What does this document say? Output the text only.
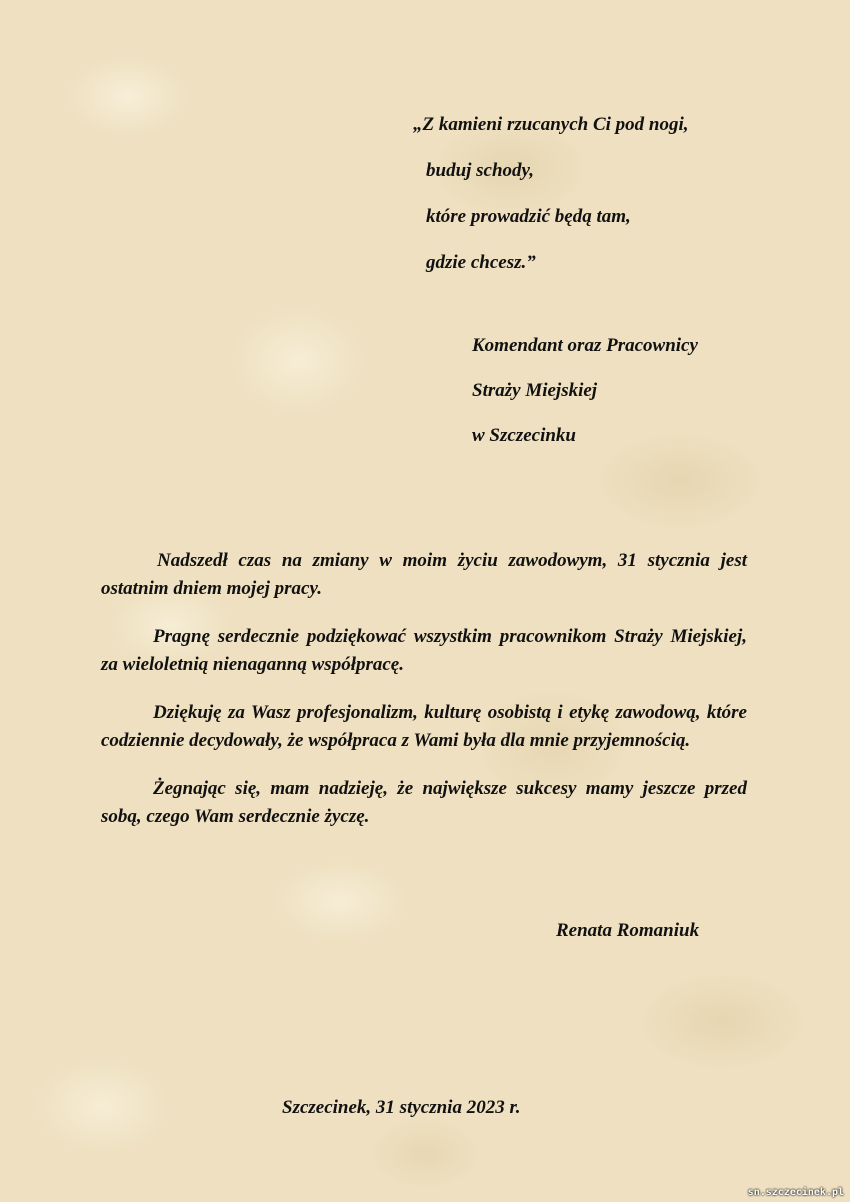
„Z kamieni rzucanych Ci pod nogi,
buduj schody,
które prowadzić będą tam,
gdzie chcesz.”
Komendant oraz Pracownicy
Straży Miejskiej
w Szczecinku

Nadszedł czas na zmiany w moim życiu zawodowym, 31 stycznia jest ostatnim dniem mojej pracy.

Pragnę serdecznie podziękować wszystkim pracownikom Straży Miejskiej, za wieloletnią nienaganną współpracę.

Dziękuję za Wasz profesjonalizm, kulturę osobistą i etykę zawodową, które codziennie decydowały, że współpraca z Wami była dla mnie przyjemnością.

Żegnając się, mam nadzieję, że największe sukcesy mamy jeszcze przed sobą, czego Wam serdecznie życzę.

Renata Romaniuk
Szczecinek, 31 stycznia 2023 r.
sn.szczecinek.pl
